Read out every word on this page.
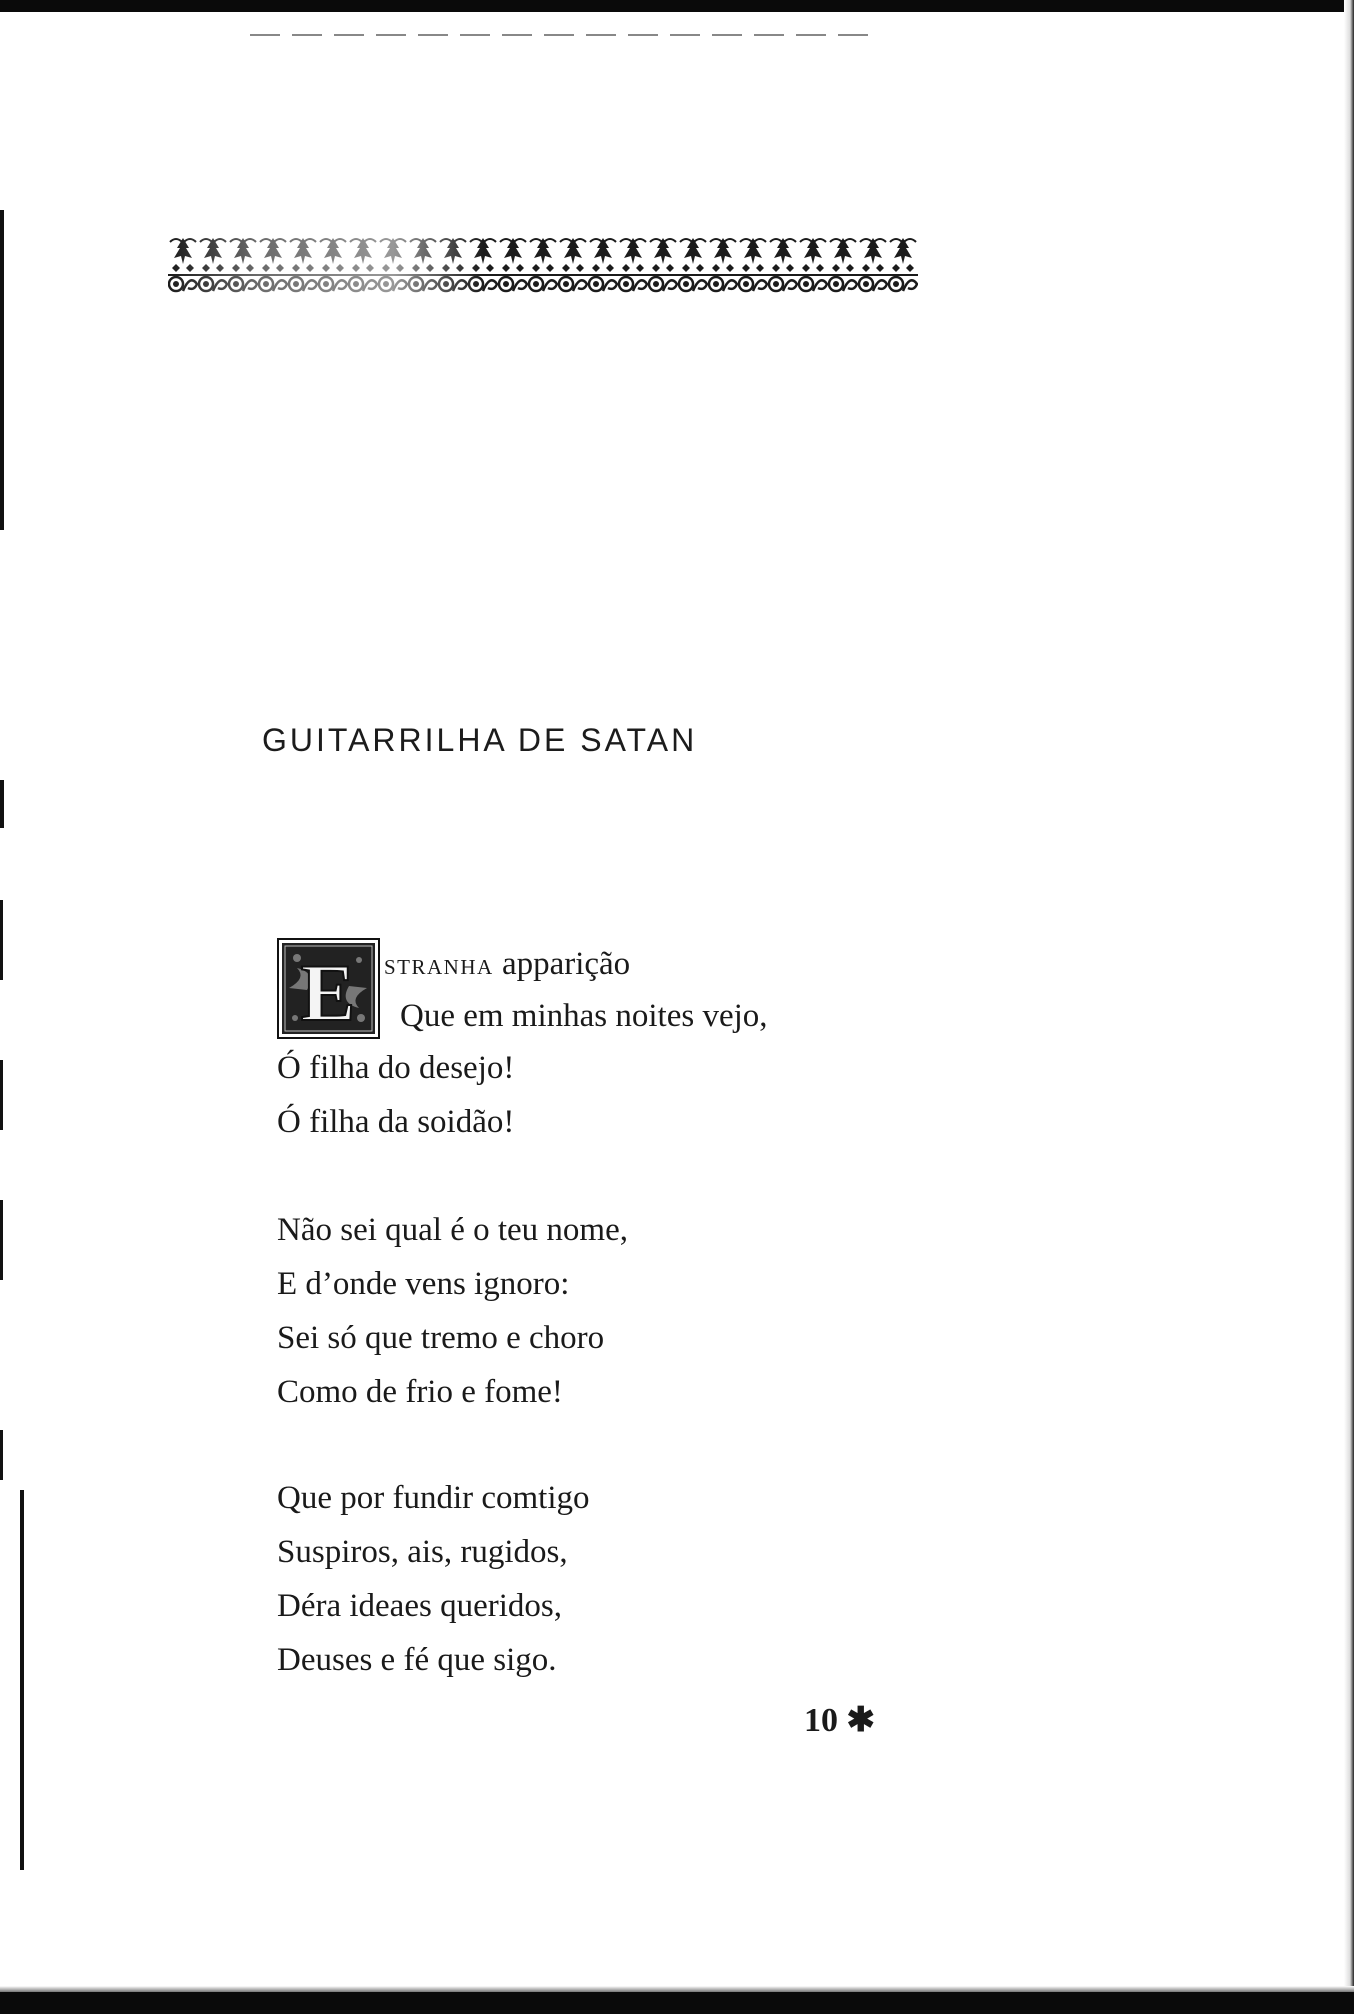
GUITARRILHA DE SATAN
E STRANHA apparição
Que em minhas noites vejo,
Ó filha do desejo!
Ó filha da soidão!
Não sei qual é o teu nome,
E d’onde vens ignoro:
Sei só que tremo e choro
Como de frio e fome!
Que por fundir comtigo
Suspiros, ais, rugidos,
Déra ideaes queridos,
Deuses e fé que sigo.
10 ✱
